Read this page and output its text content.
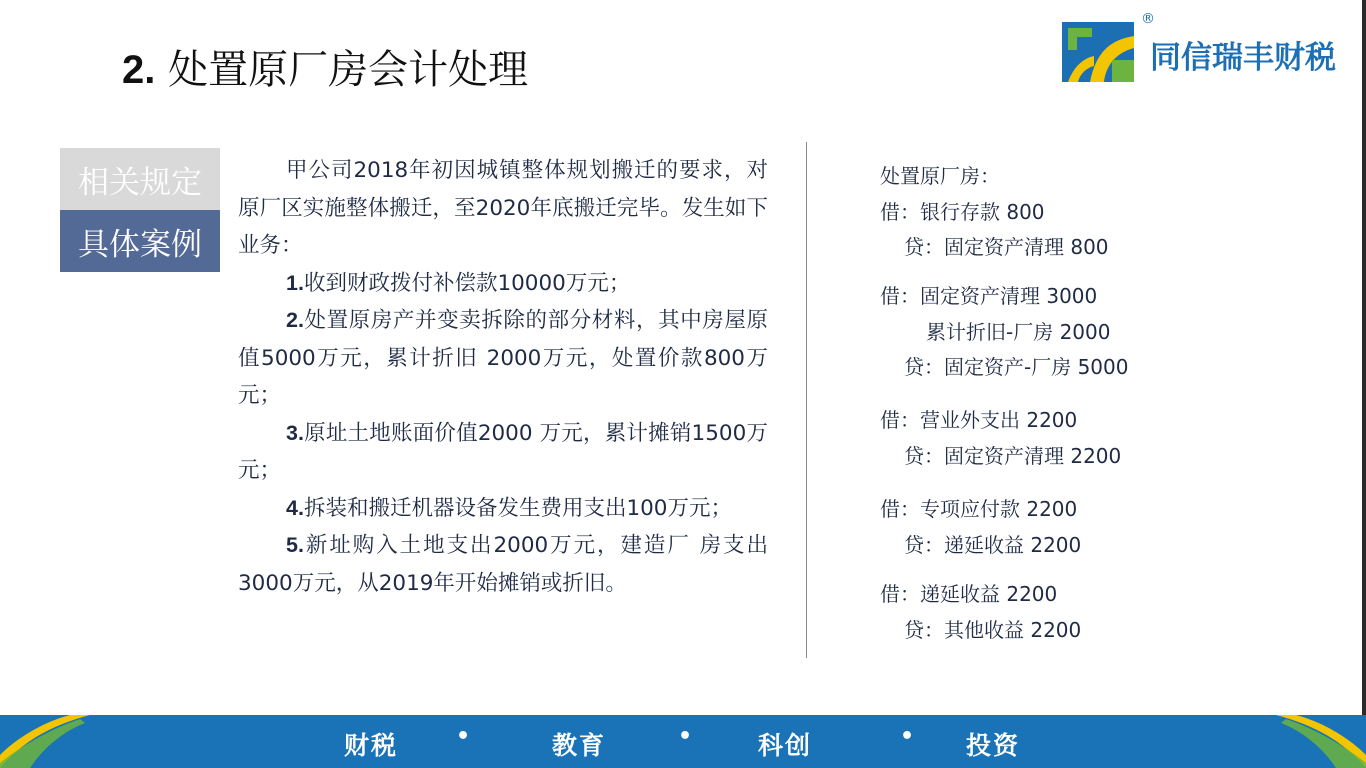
2. 处置原厂房会计处理
®
同信瑞丰财税
相关规定
具体案例

甲公司2018年初因城镇整体规划搬迁的要求，对原厂区实施整体搬迁，至2020年底搬迁完毕。发生如下业务：

1.收到财政拨付补偿款10000万元；

2.处置原房产并变卖拆除的部分材料，其中房屋原值5000万元，累计折旧 2000万元，处置价款800万元；

3.原址土地账面价值2000 万元，累计摊销1500万元；

4.拆装和搬迁机器设备发生费用支出100万元；

5.新址购入土地支出2000万元，建造厂 房支出3000万元，从2019年开始摊销或折旧。

处置原厂房：
借：银行存款 800
贷：固定资产清理 800
借：固定资产清理 3000
累计折旧-厂房 2000
贷：固定资产-厂房 5000
借：营业外支出 2200
贷：固定资产清理 2200
借：专项应付款 2200
贷：递延收益 2200
借：递延收益 2200
贷：其他收益 2200
财税	•	教育	•	科创	• 投资
